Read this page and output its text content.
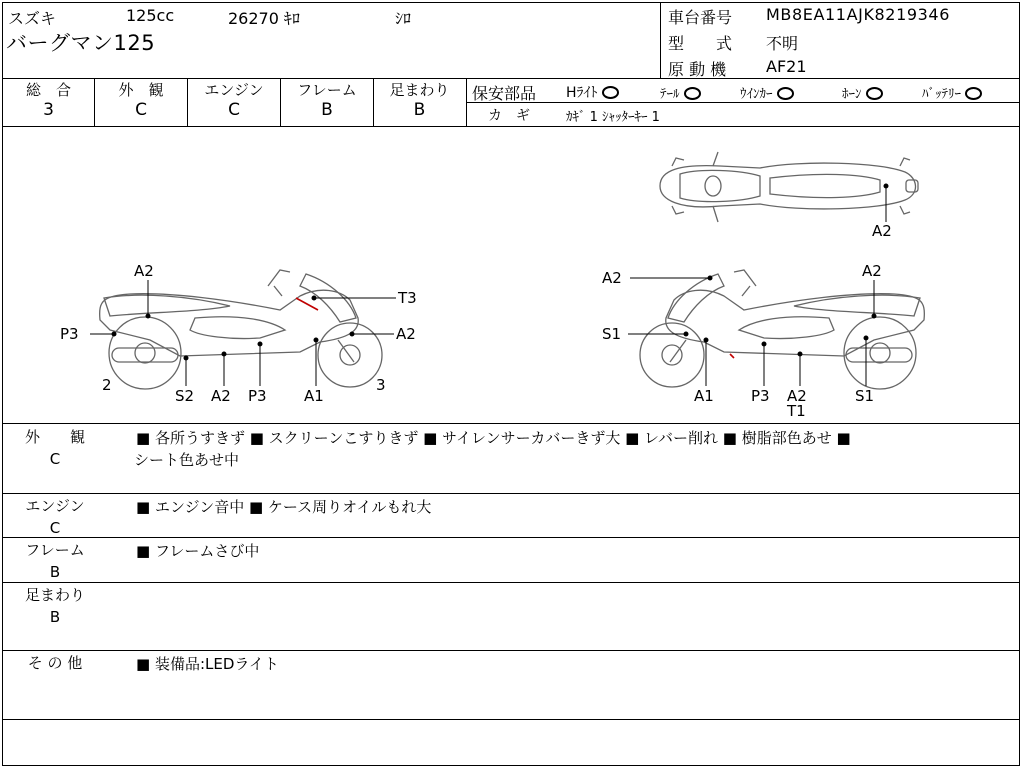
スズキ	125cc	26270 ｷﾛ	ｼﾛ
バーグマン125
車台番号 MB8EA11AJK8219346
型　　式 不明
原 動 機 AF21
総　合
3
外　観
C
エンジン
C
フレーム
B
足まわり
B
保安部品 Hﾗｲﾄ	ﾃｰﾙ	ｳｲﾝｶｰ	ﾎｰﾝ	ﾊﾞｯﾃﾘｰ
カ　ギ	ｶｷﾞ 1 ｼｬｯﾀｰｷｰ 1
A2
A2
T3
P3	A2
2	3
S2 A2 P3 A1
A2	A2
S1
A1 P3 A2
T1
S1
外　　観
C
■ 各所うすきず ■ スクリーンこすりきず ■ サイレンサーカバーきず大 ■ レバー削れ ■ 樹脂部色あせ ■
シート色あせ中
エンジン
C
■ エンジン音中 ■ ケース周りオイルもれ大
フレーム
B
■ フレームさび中
足まわり
B
そ の 他	■ 装備品:LEDライト
